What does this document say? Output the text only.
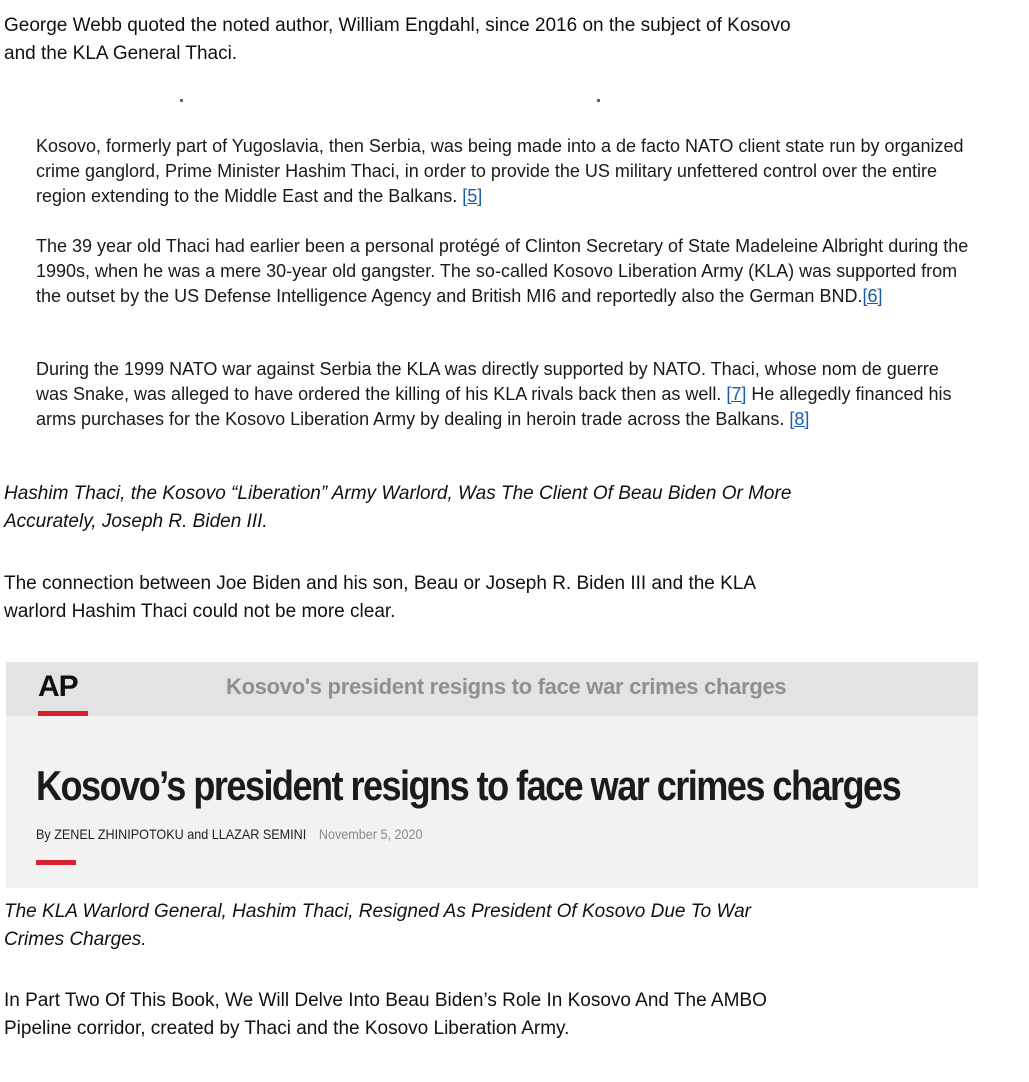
George Webb quoted the noted author, William Engdahl, since 2016 on the subject of Kosovo
and the KLA General Thaci.

Kosovo, formerly part of Yugoslavia, then Serbia, was being made into a de facto NATO client state run by organized crime ganglord, Prime Minister Hashim Thaci, in order to provide the US military unfettered control over the entire region extending to the Middle East and the Balkans. [5]

The 39 year old Thaci had earlier been a personal protégé of Clinton Secretary of State Madeleine Albright during the 1990s, when he was a mere 30-year old gangster. The so-called Kosovo Liberation Army (KLA) was supported from the outset by the US Defense Intelligence Agency and British MI6 and reportedly also the German BND.[6]

During the 1999 NATO war against Serbia the KLA was directly supported by NATO. Thaci, whose nom de guerre was Snake, was alleged to have ordered the killing of his KLA rivals back then as well. [7] He allegedly financed his arms purchases for the Kosovo Liberation Army by dealing in heroin trade across the Balkans. [8]

Hashim Thaci, the Kosovo “Liberation” Army Warlord, Was The Client Of Beau Biden Or More
Accurately, Joseph R. Biden III.
The connection between Joe Biden and his son, Beau or Joseph R. Biden III and the KLA
warlord Hashim Thaci could not be more clear.
AP	Kosovo's president resigns to face war crimes charges
Kosovo’s president resigns to face war crimes charges
By ZENEL ZHINIPOTOKU and LLAZAR SEMINI November 5, 2020
The KLA Warlord General, Hashim Thaci, Resigned As President Of Kosovo Due To War
Crimes Charges.
In Part Two Of This Book, We Will Delve Into Beau Biden’s Role In Kosovo And The AMBO
Pipeline corridor, created by Thaci and the Kosovo Liberation Army.
